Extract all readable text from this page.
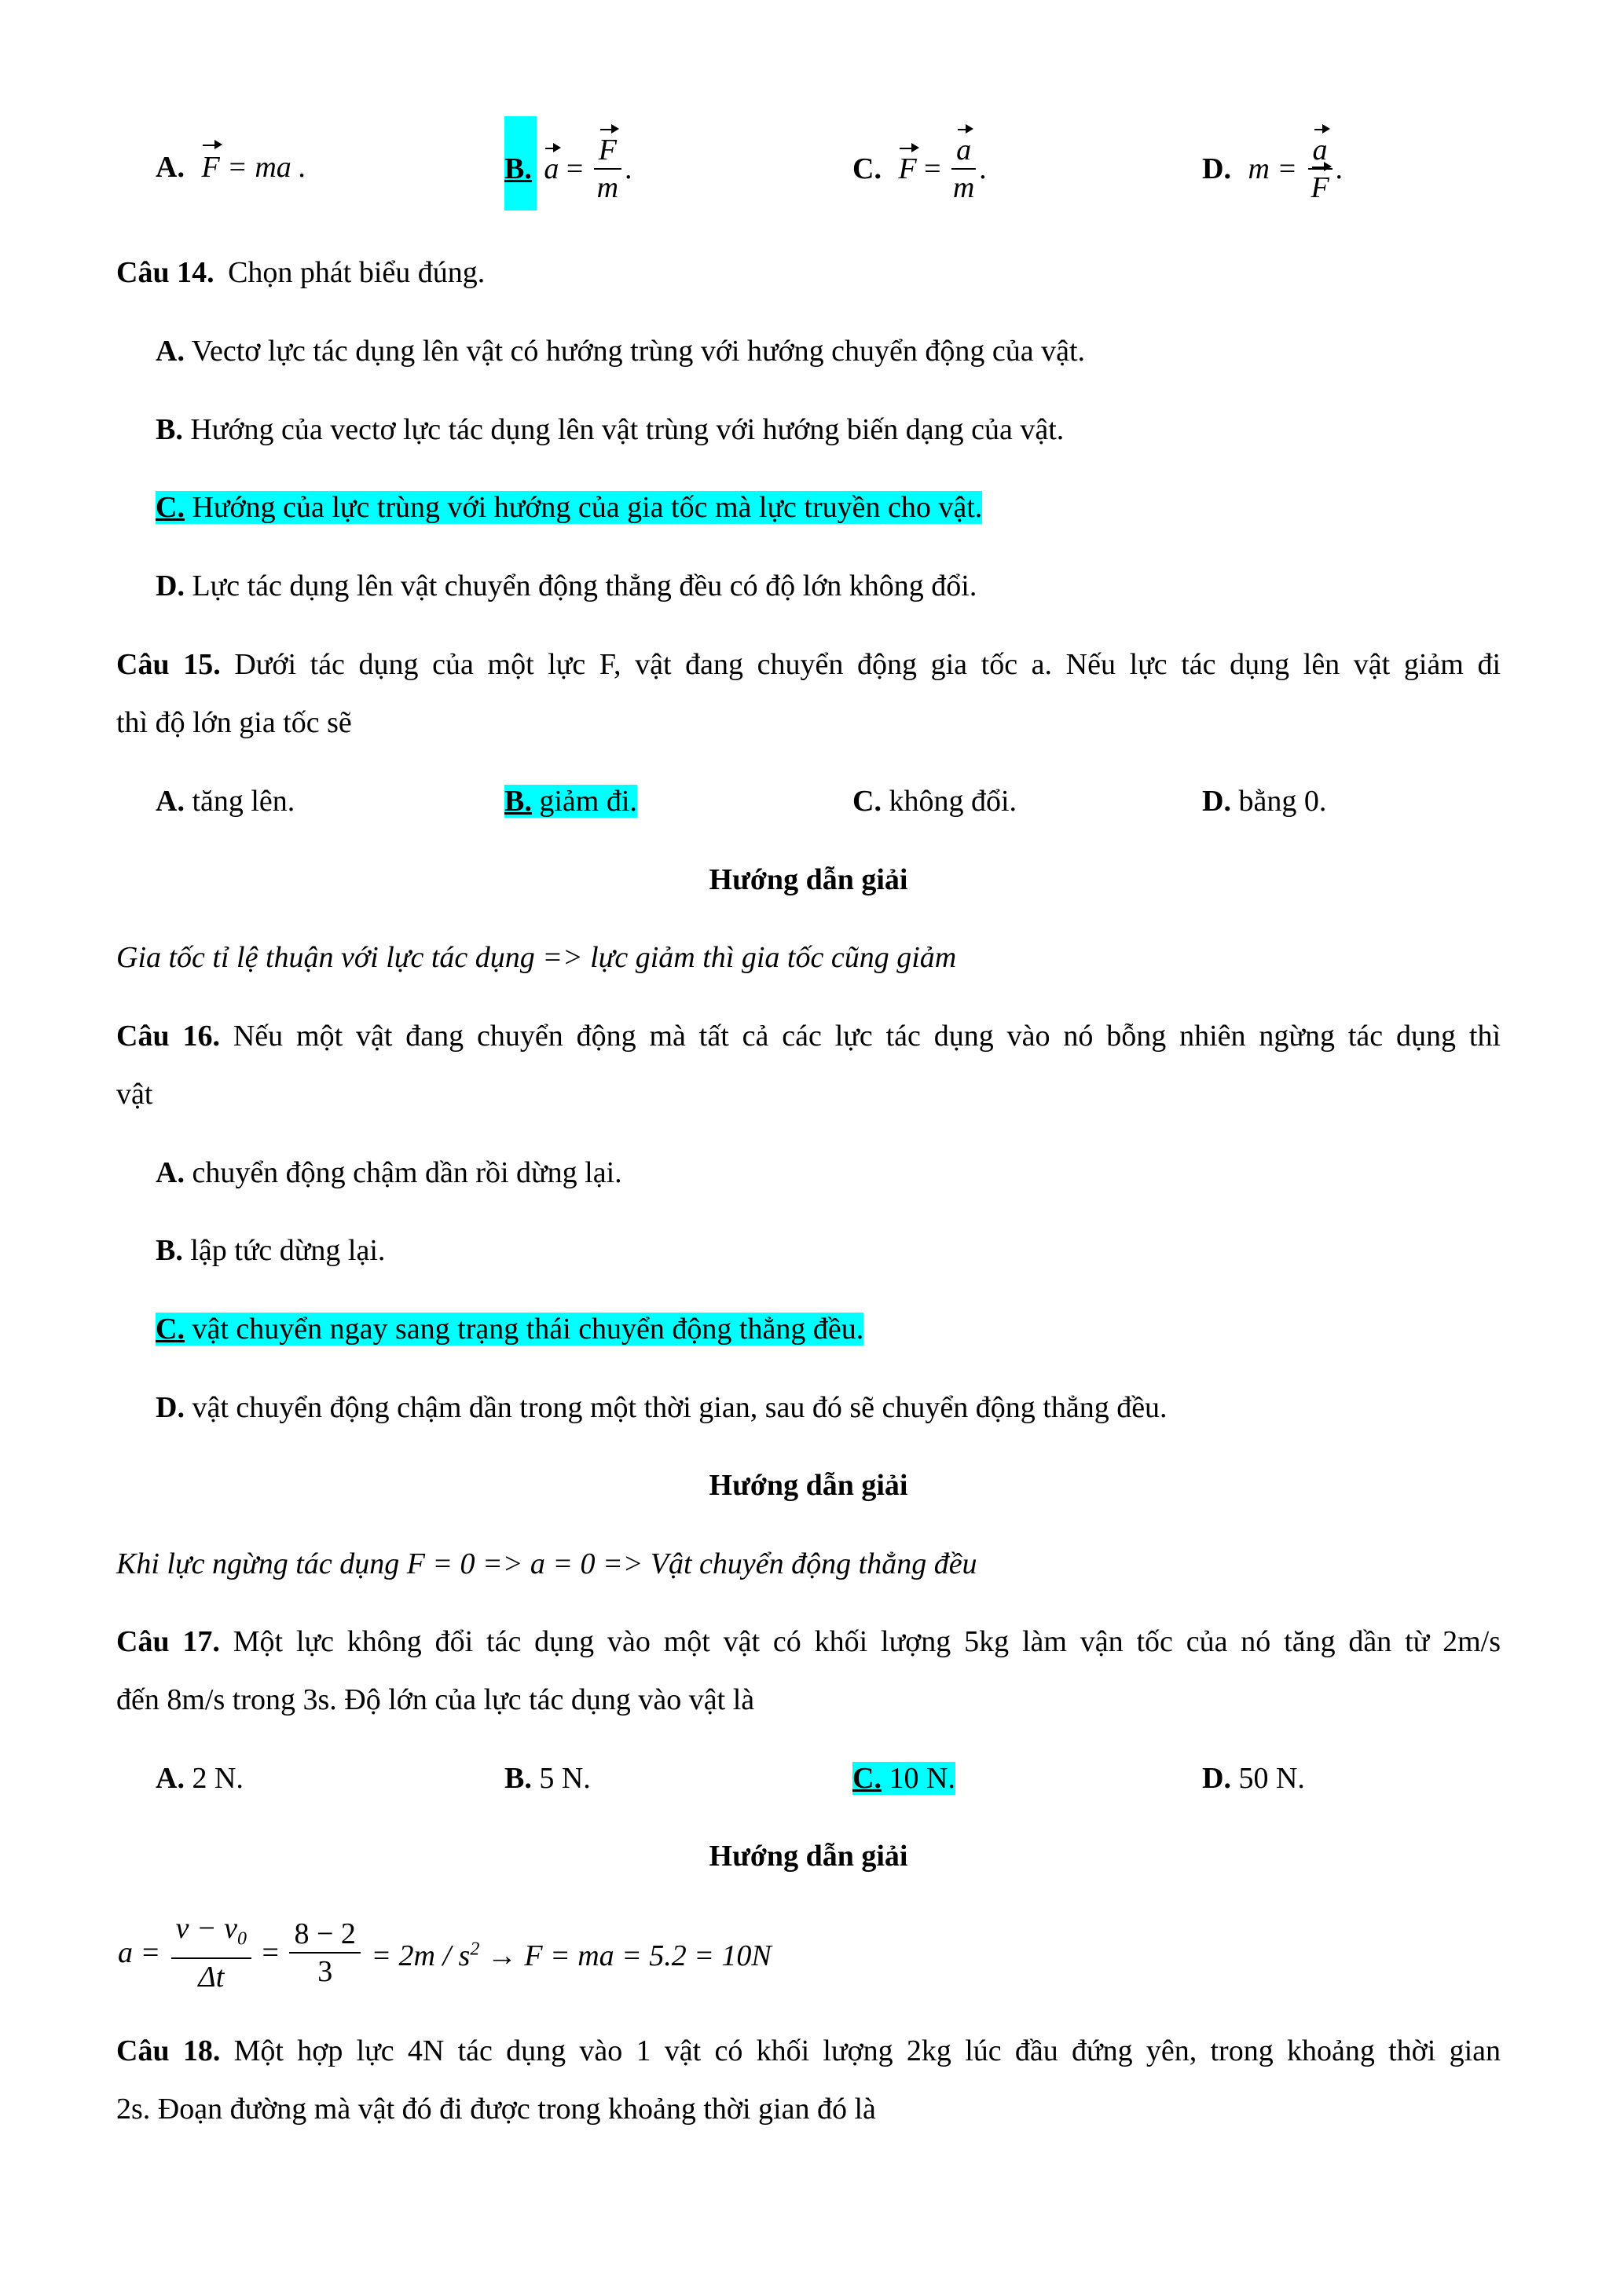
A. F = ma .	B. $a = \frac{F}{m}$ .	C. $F = \frac{a}{m}$ .	D. $m = \frac{a}{F}$ .
Câu 14. Chọn phát biểu đúng.
A. Vectơ lực tác dụng lên vật có hướng trùng với hướng chuyển động của vật.
B. Hướng của vectơ lực tác dụng lên vật trùng với hướng biến dạng của vật.
C. Hướng của lực trùng với hướng của gia tốc mà lực truyền cho vật.
D. Lực tác dụng lên vật chuyển động thẳng đều có độ lớn không đổi.
Câu 15. Dưới tác dụng của một lực F, vật đang chuyển động gia tốc a. Nếu lực tác dụng lên vật giảm đi
thì độ lớn gia tốc sẽ
A. tăng lên.	B. giảm đi.	C. không đổi.	D. bằng 0.
Hướng dẫn giải
Gia tốc tỉ lệ thuận với lực tác dụng => lực giảm thì gia tốc cũng giảm
Câu 16. Nếu một vật đang chuyển động mà tất cả các lực tác dụng vào nó bỗng nhiên ngừng tác dụng thì
vật
A. chuyển động chậm dần rồi dừng lại.
B. lập tức dừng lại.
C. vật chuyển ngay sang trạng thái chuyển động thẳng đều.
D. vật chuyển động chậm dần trong một thời gian, sau đó sẽ chuyển động thẳng đều.
Hướng dẫn giải
Khi lực ngừng tác dụng F = 0 => a = 0 => Vật chuyển động thẳng đều
Câu 17. Một lực không đổi tác dụng vào một vật có khối lượng 5kg làm vận tốc của nó tăng dần từ 2m/s
đến 8m/s trong 3s. Độ lớn của lực tác dụng vào vật là
A. 2 N.	B. 5 N.	C. 10 N.	D. 50 N.
Hướng dẫn giải
$a = \frac{v - v_0}{\Delta t} = \frac{8 - 2}{3} = 2m / s^2 \to F$ = ma = 5.2 = 10N
Câu 18. Một hợp lực 4N tác dụng vào 1 vật có khối lượng 2kg lúc đầu đứng yên, trong khoảng thời gian
2s. Đoạn đường mà vật đó đi được trong khoảng thời gian đó là
